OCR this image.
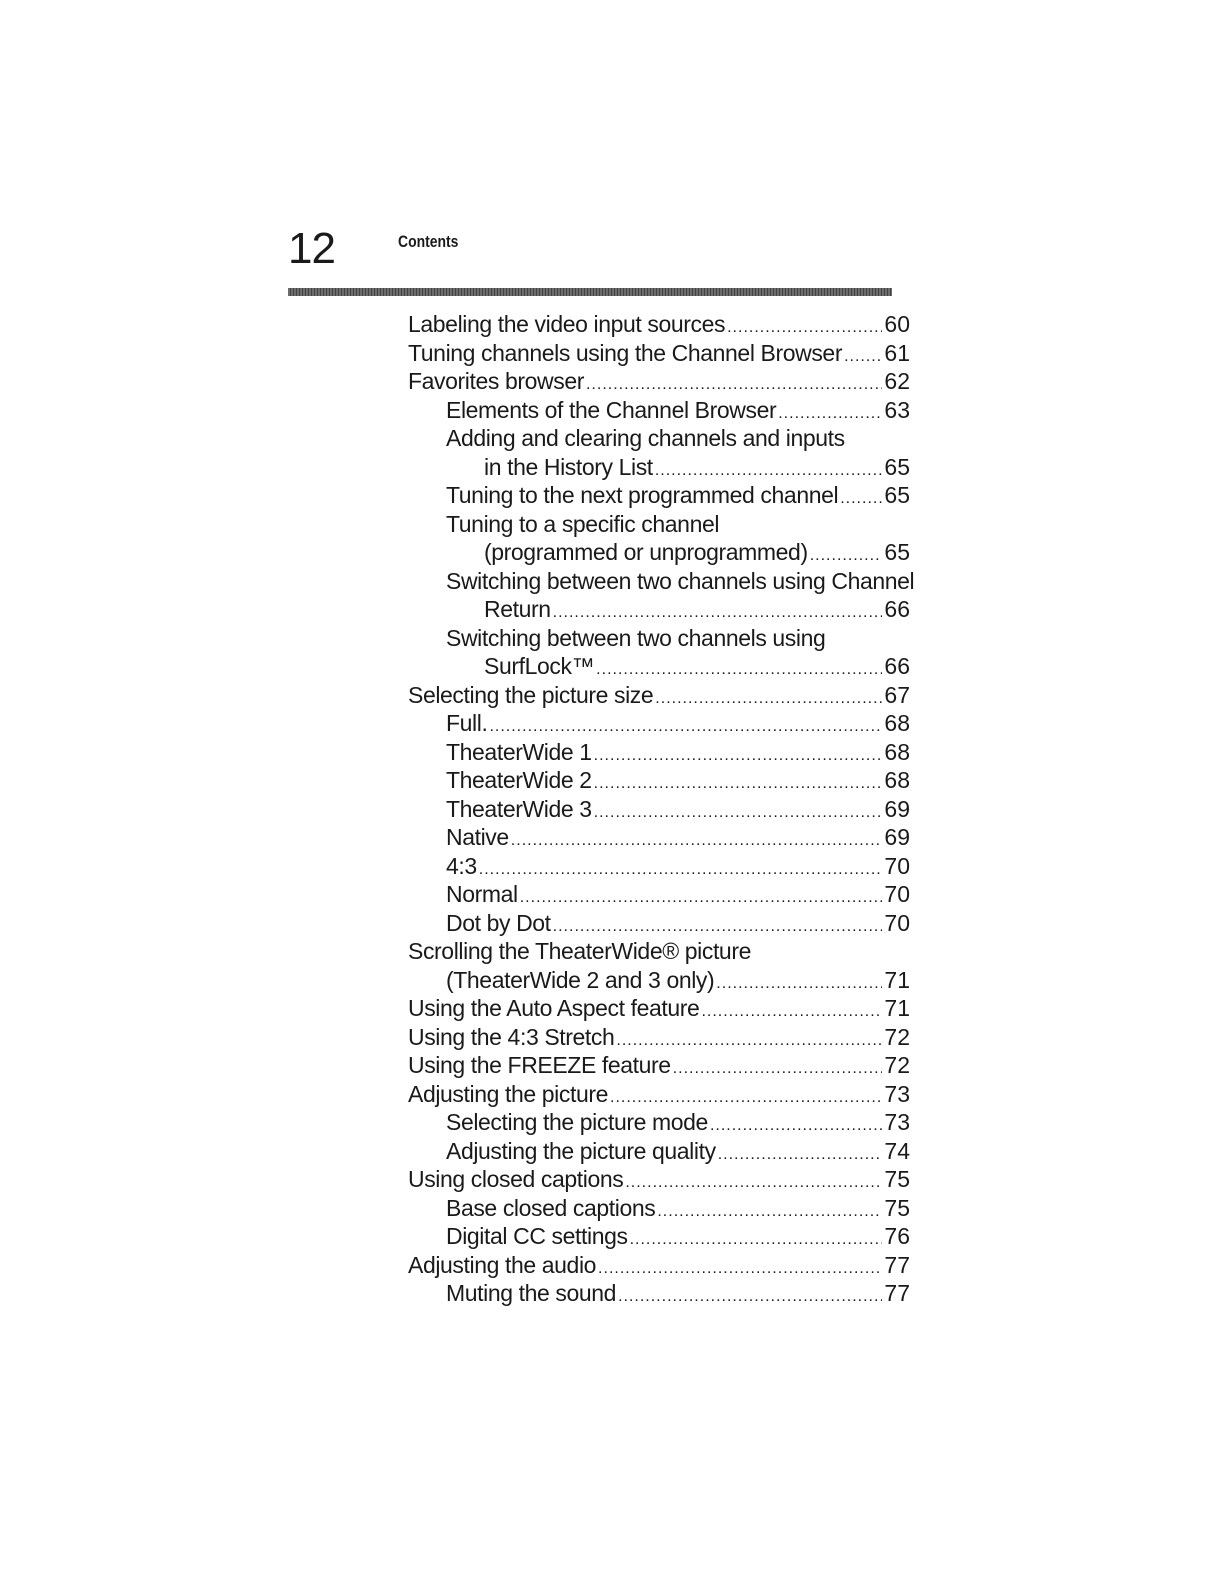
12	Contents
Labeling the video input sources .....	60
Tuning channels using the Channel Browser ..... 61
Favorites browser .....	62
Elements of the Channel Browser .....	63
Adding and clearing channels and inputs
in the History List .....	65
Tuning to the next programmed channel ..... 65
Tuning to a specific channel
(programmed or unprogrammed) .....	65
Switching between two channels using Channel
Return .....	66
Switching between two channels using
SurfLock™ .....	66
Selecting the picture size .....	67
Full. .....	68
TheaterWide 1 .....	68
TheaterWide 2 .....	68
TheaterWide 3 .....	69
Native .....	69
4:3 .....	70
Normal .....	70
Dot by Dot .....	70
Scrolling the TheaterWide® picture
(TheaterWide 2 and 3 only) .....	71
Using the Auto Aspect feature .....	71
Using the 4:3 Stretch .....	72
Using the FREEZE feature .....	72
Adjusting the picture .....	73
Selecting the picture mode .....	73
Adjusting the picture quality .....	74
Using closed captions .....	75
Base closed captions .....	75
Digital CC settings .....	76
Adjusting the audio .....	77
Muting the sound .....	77
